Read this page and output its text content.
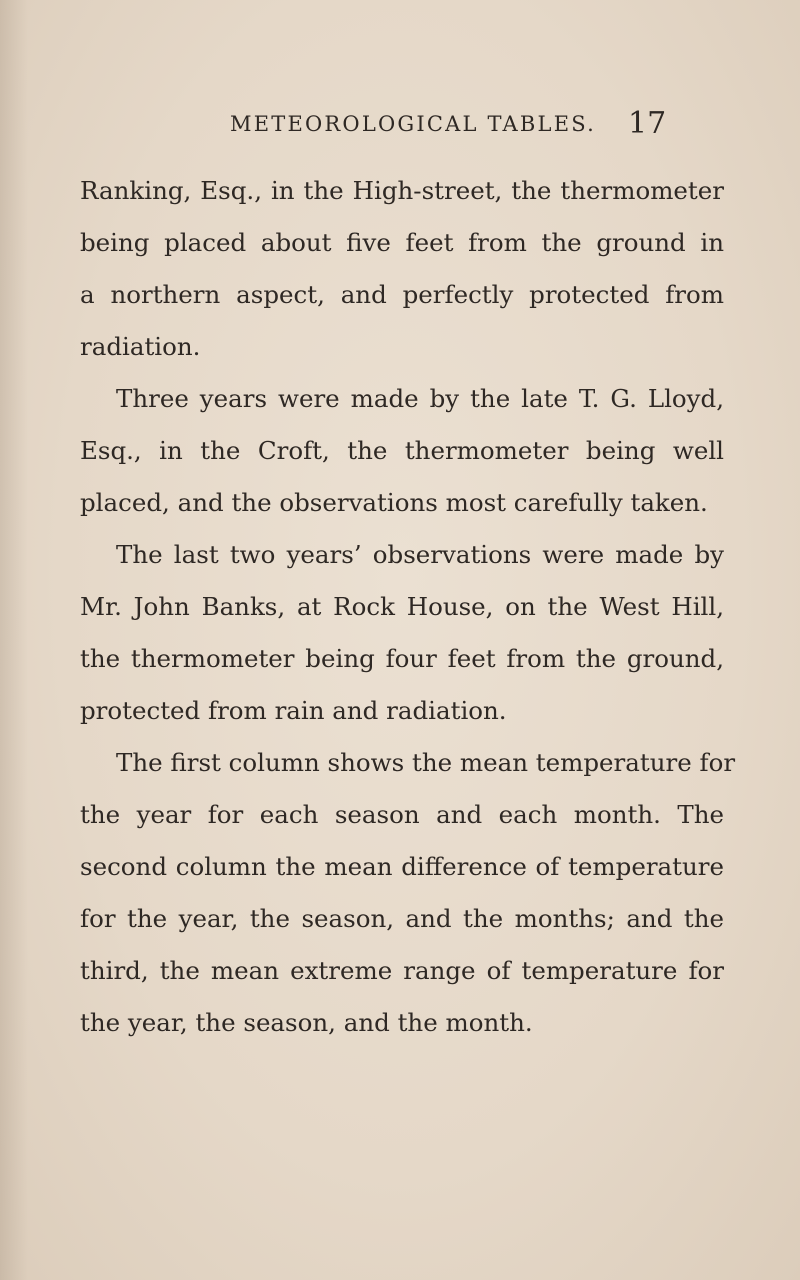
METEOROLOGICAL TABLES. 17
Ranking, Esq., in the High-street, the thermometer
being placed about five feet from the ground in
a northern aspect, and perfectly protected from
radiation.
Three years were made by the late T. G. Lloyd,
Esq., in the Croft, the thermometer being well
placed, and the observations most carefully taken.
The last two years’ observations were made by
Mr. John Banks, at Rock House, on the West Hill,
the thermometer being four feet from the ground,
protected from rain and radiation.
The first column shows the mean temperature for
the year for each season and each month. The
second column the mean difference of temperature
for the year, the season, and the months; and the
third, the mean extreme range of temperature for
the year, the season, and the month.
